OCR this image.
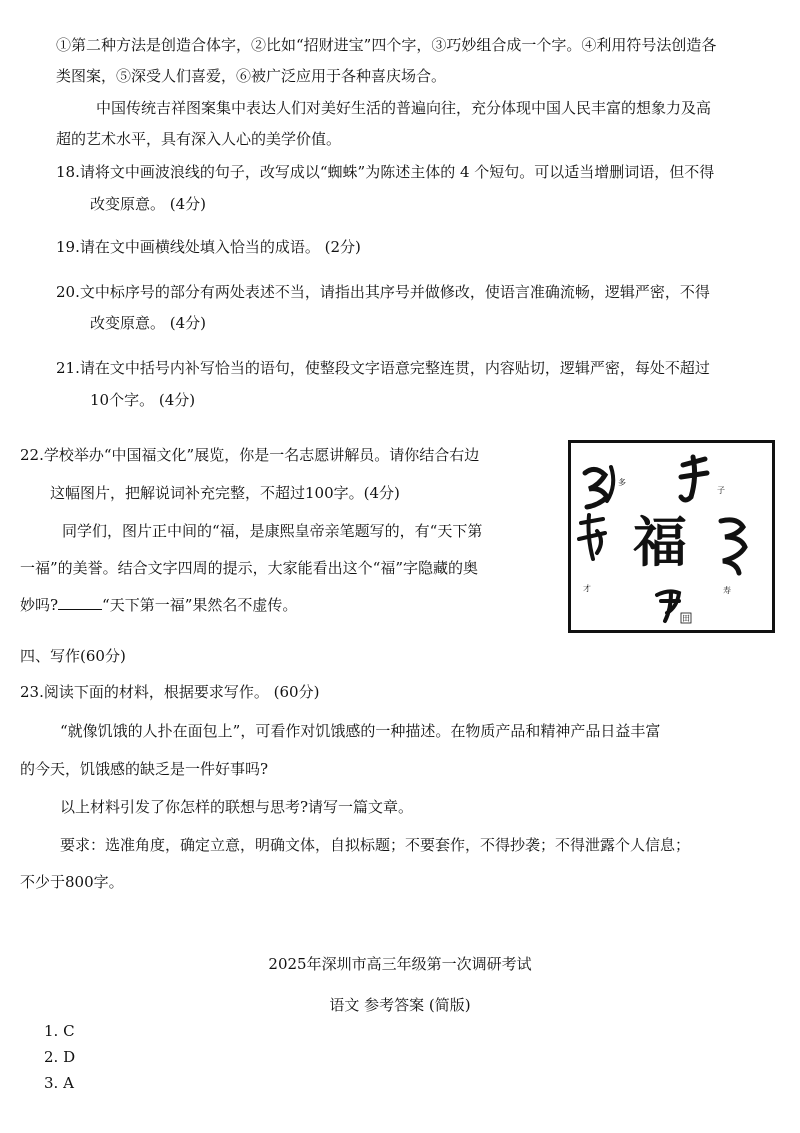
①第二种方法是创造合体字，②比如“招财进宝”四个字，③巧妙组合成一个字。④利用符号法创造各
类图案，⑤深受人们喜爱，⑥被广泛应用于各种喜庆场合。
中国传统吉祥图案集中表达人们对美好生活的普遍向往，充分体现中国人民丰富的想象力及高
超的艺术水平，具有深入人心的美学价值。
18.请将文中画波浪线的句子，改写成以“蜘蛛”为陈述主体的 4 个短句。可以适当增删词语，但不得
改变原意。 (4分)
19.请在文中画横线处填入恰当的成语。 (2分)
20.文中标序号的部分有两处表述不当，请指出其序号并做修改，使语言准确流畅，逻辑严密，不得
改变原意。 (4分)
21.请在文中括号内补写恰当的语句，使整段文字语意完整连贯，内容贴切，逻辑严密，每处不超过
10个字。 (4分)
22.学校举办“中国福文化”展览，你是一名志愿讲解员。请你结合右边
这幅图片，把解说词补充完整，不超过100字。(4分)
同学们，图片正中间的“福，是康熙皇帝亲笔题写的，有“天下第
一福”的美誉。结合文字四周的提示，大家能看出这个“福”字隐藏的奥
妙吗?	“天下第一福”果然名不虚传。
福
多
子
才	寿
田
四、写作(60分)
23.阅读下面的材料，根据要求写作。 (60分)
“就像饥饿的人扑在面包上”，可看作对饥饿感的一种描述。在物质产品和精神产品日益丰富
的今天，饥饿感的缺乏是一件好事吗?
以上材料引发了你怎样的联想与思考?请写一篇文章。
要求：选准角度，确定立意，明确文体，自拟标题；不要套作，不得抄袭；不得泄露个人信息；
不少于800字。
2025年深圳市高三年级第一次调研考试
语文 参考答案 (简版)
1. C
2. D
3. A
